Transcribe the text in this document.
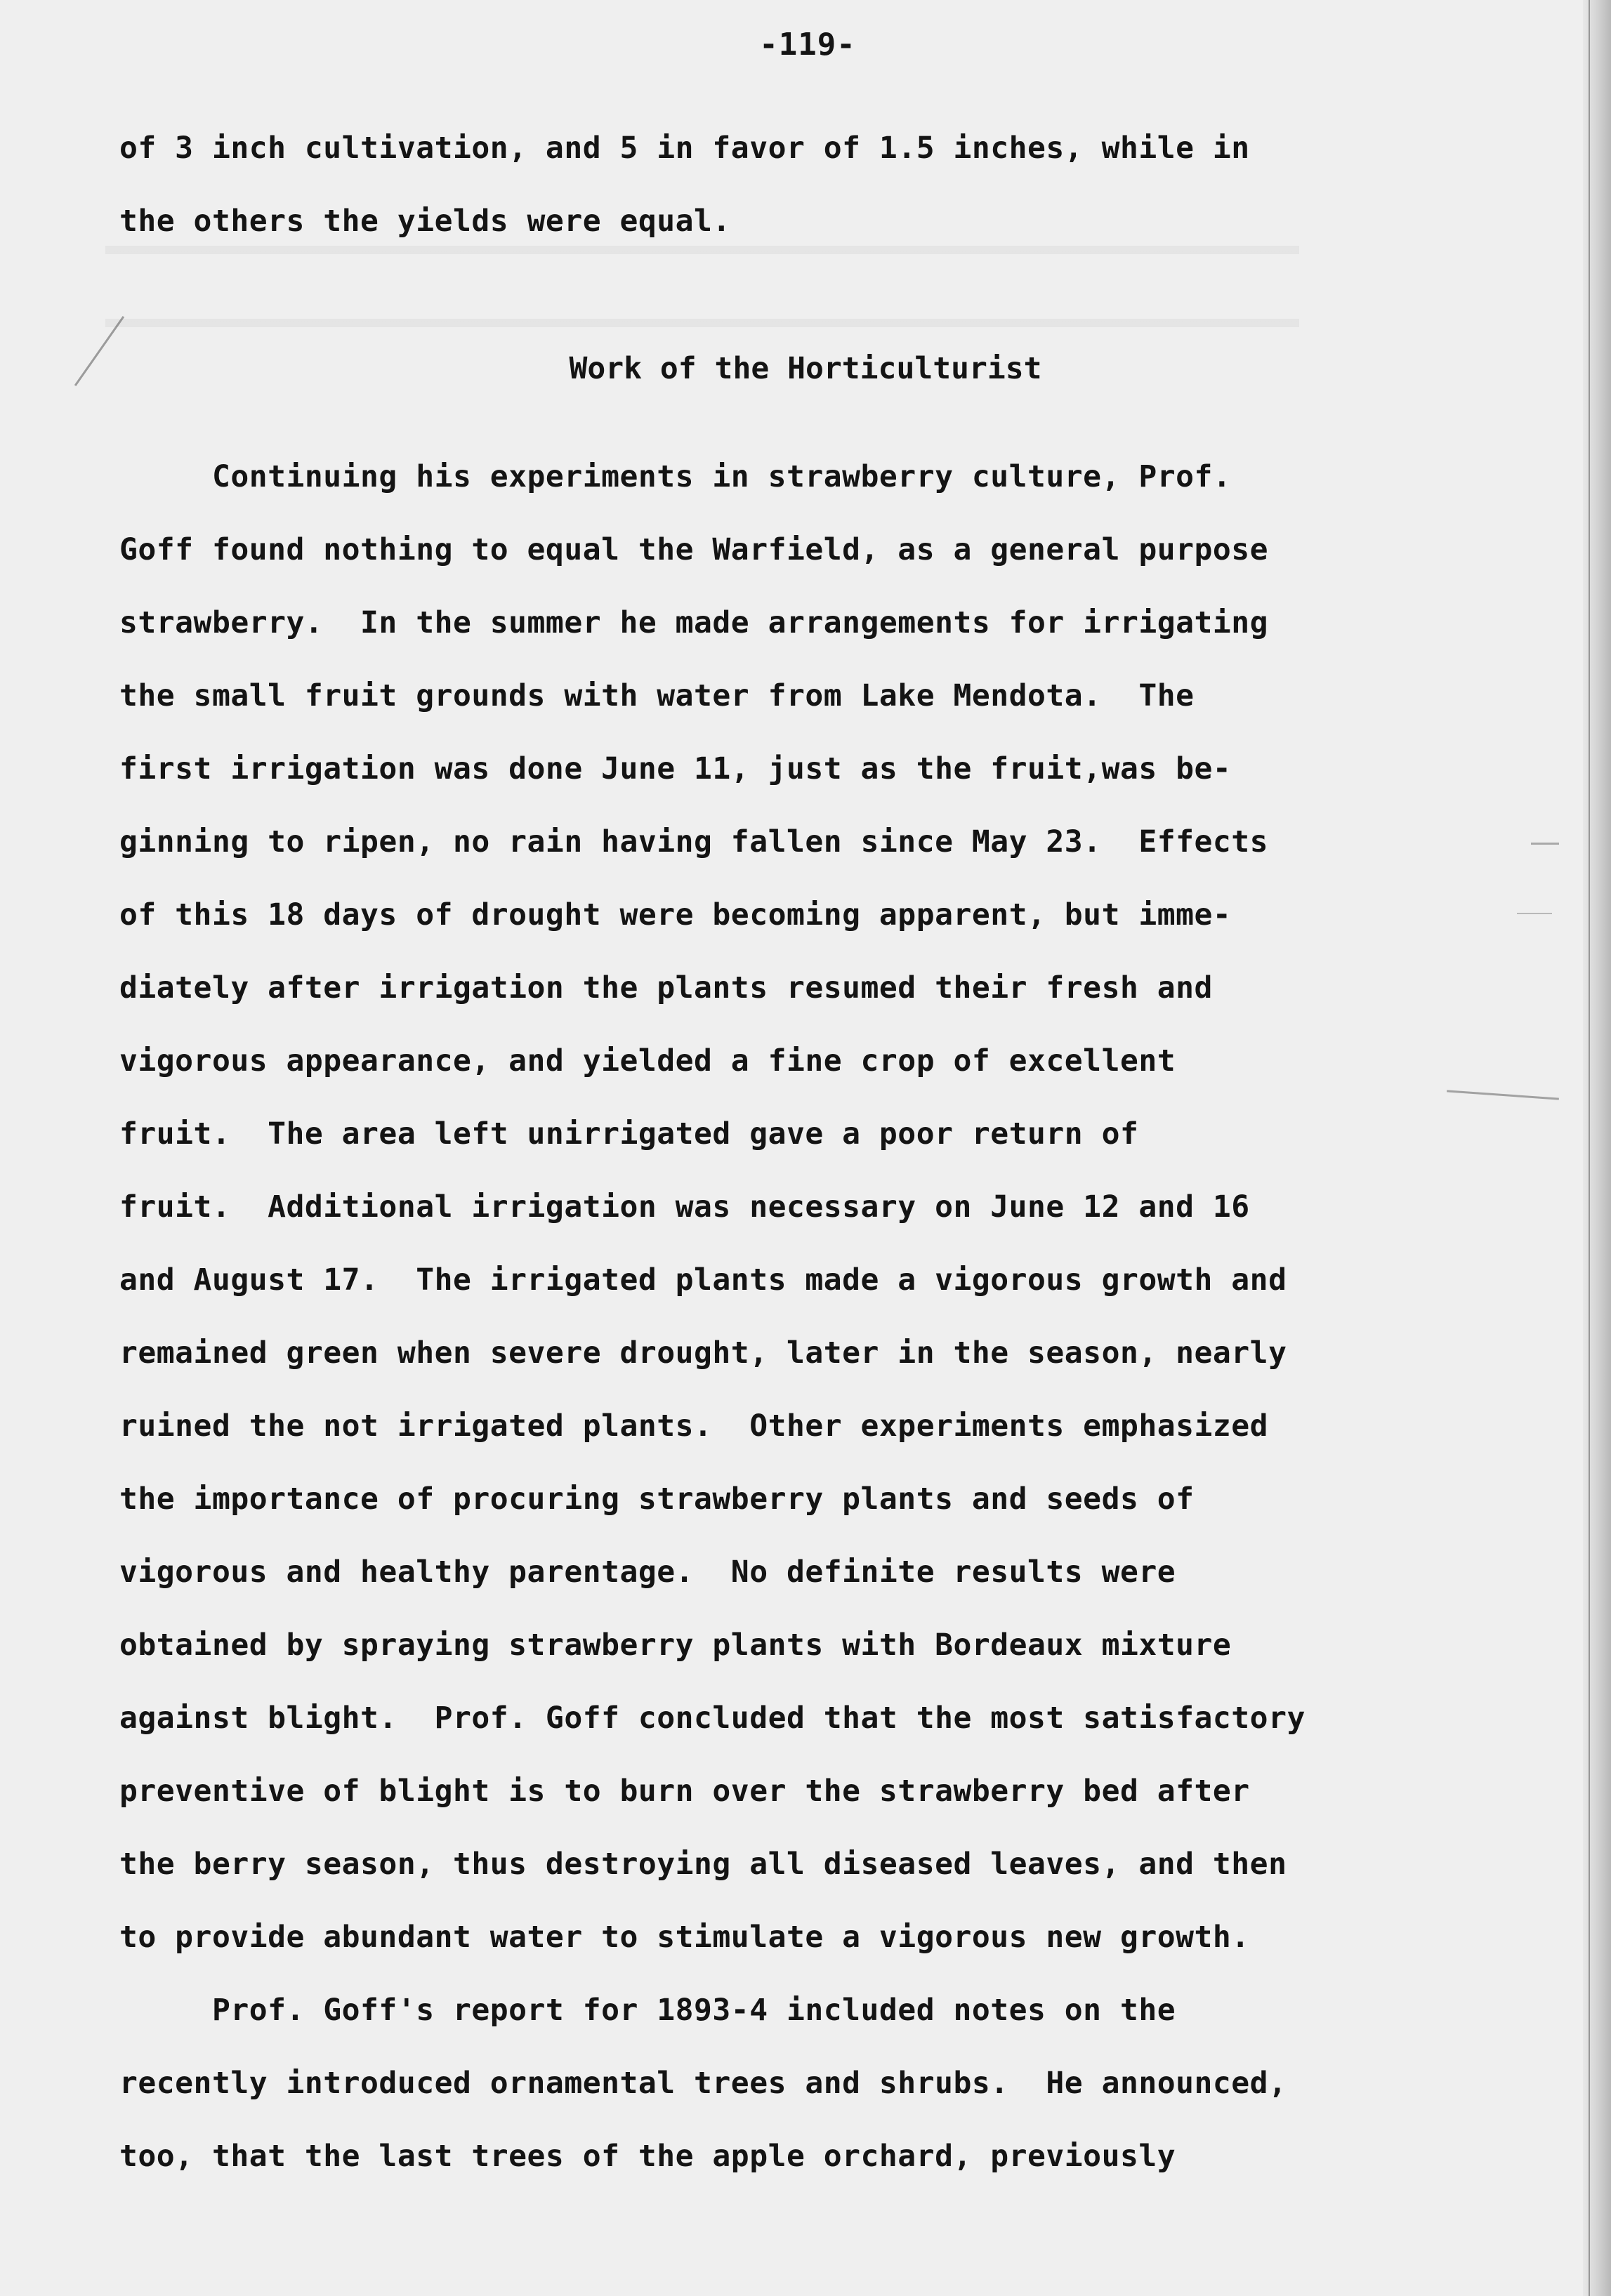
-119-
of 3 inch cultivation, and 5 in favor of 1.5 inches, while in
the others the yields were equal.
Work of the Horticulturist
Continuing his experiments in strawberry culture, Prof.
Goff found nothing to equal the Warfield, as a general purpose
strawberry.  In the summer he made arrangements for irrigating
the small fruit grounds with water from Lake Mendota.  The
first irrigation was done June 11, just as the fruit,was be-
ginning to ripen, no rain having fallen since May 23.  Effects
of this 18 days of drought were becoming apparent, but imme-
diately after irrigation the plants resumed their fresh and
vigorous appearance, and yielded a fine crop of excellent
fruit.  The area left unirrigated gave a poor return of
fruit.  Additional irrigation was necessary on June 12 and 16
and August 17.  The irrigated plants made a vigorous growth and
remained green when severe drought, later in the season, nearly
ruined the not irrigated plants.  Other experiments emphasized
the importance of procuring strawberry plants and seeds of
vigorous and healthy parentage.  No definite results were
obtained by spraying strawberry plants with Bordeaux mixture
against blight.  Prof. Goff concluded that the most satisfactory
preventive of blight is to burn over the strawberry bed after
the berry season, thus destroying all diseased leaves, and then
to provide abundant water to stimulate a vigorous new growth.
Prof. Goff's report for 1893-4 included notes on the
recently introduced ornamental trees and shrubs.  He announced,
too, that the last trees of the apple orchard, previously
